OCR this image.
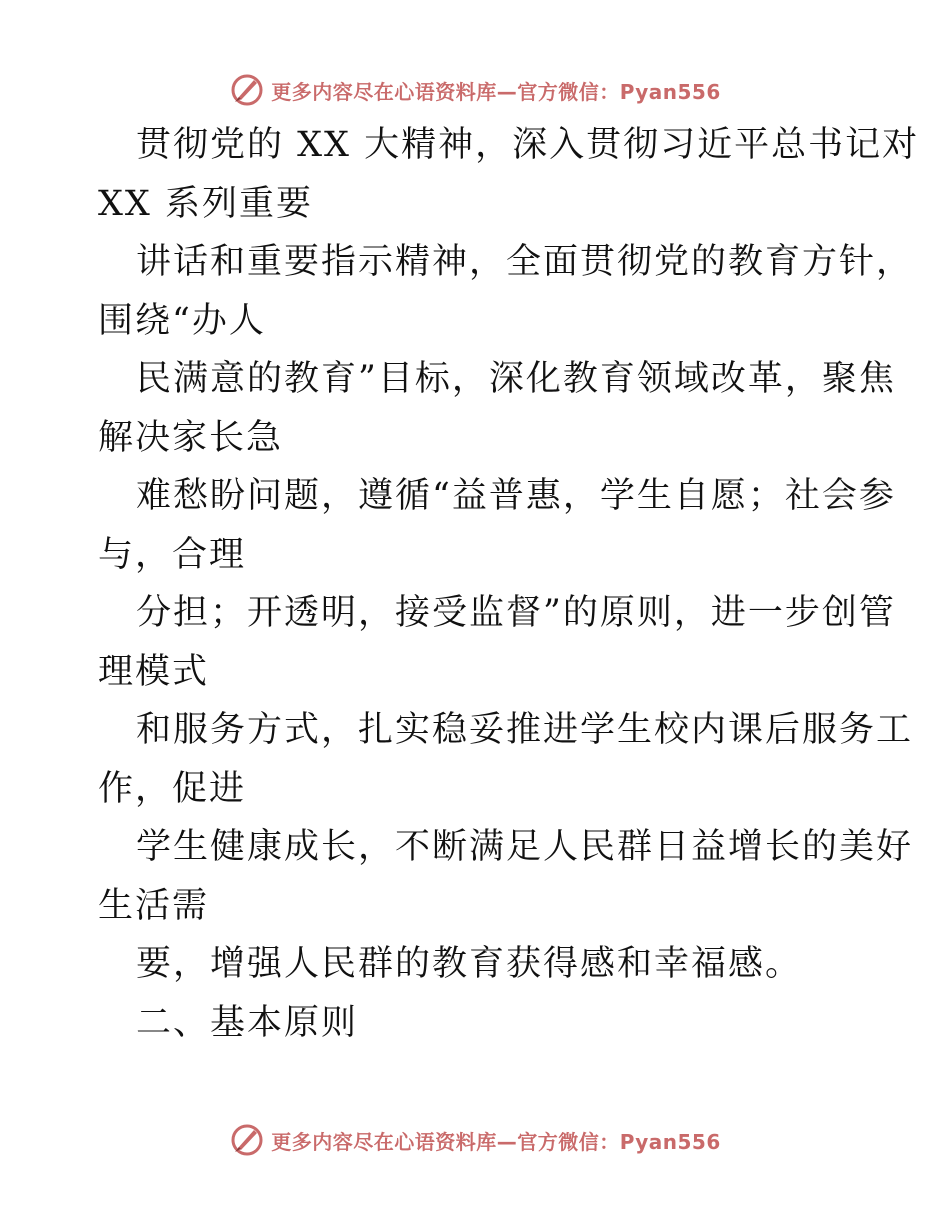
更多内容尽在心语资料库—官方微信：Pyan556
贯彻党的 XX 大精神，深入贯彻习近平总书记对
XX 系列重要
讲话和重要指示精神，全面贯彻党的教育方针，
围绕“办人
民满意的教育”目标，深化教育领域改革，聚焦
解决家长急
难愁盼问题，遵循“益普惠，学生自愿；社会参
与，合理
分担；开透明，接受监督”的原则，进一步创管
理模式
和服务方式，扎实稳妥推进学生校内课后服务工
作，促进
学生健康成长，不断满足人民群日益增长的美好
生活需
要，增强人民群的教育获得感和幸福感。
二、基本原则
更多内容尽在心语资料库—官方微信：Pyan556
